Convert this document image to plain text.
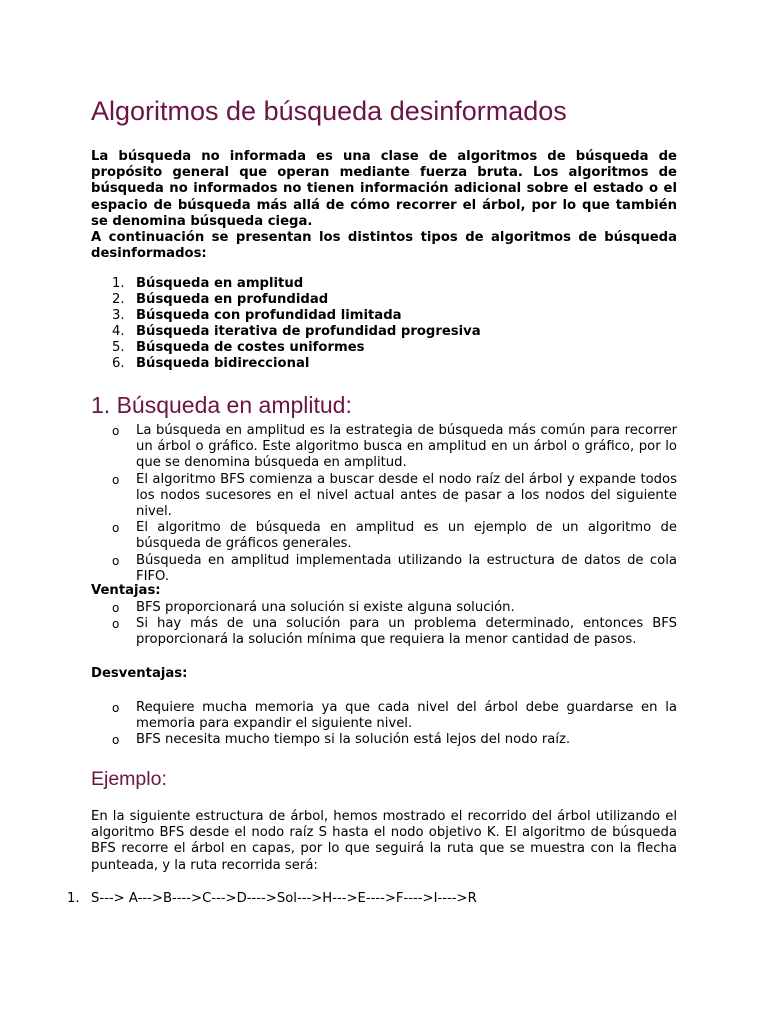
Algoritmos de búsqueda desinformados

La búsqueda no informada es una clase de algoritmos de búsqueda de propósito general que operan mediante fuerza bruta. Los algoritmos de búsqueda no informados no tienen información adicional sobre el estado o el espacio de búsqueda más allá de cómo recorrer el árbol, por lo que también se denomina búsqueda ciega.

A continuación se presentan los distintos tipos de algoritmos de búsqueda desinformados:

1. Búsqueda en amplitud
2. Búsqueda en profundidad
3. Búsqueda con profundidad limitada
4. Búsqueda iterativa de profundidad progresiva
5. Búsqueda de costes uniformes
6. Búsqueda bidireccional
1. Búsqueda en amplitud:
o La búsqueda en amplitud es la estrategia de búsqueda más común para recorrer un árbol o gráfico. Este algoritmo busca en amplitud en un árbol o gráfico, por lo que se denomina búsqueda en amplitud.
o El algoritmo BFS comienza a buscar desde el nodo raíz del árbol y expande todos los nodos sucesores en el nivel actual antes de pasar a los nodos del siguiente nivel.
o El algoritmo de búsqueda en amplitud es un ejemplo de un algoritmo de búsqueda de gráficos generales.
o Búsqueda en amplitud implementada utilizando la estructura de datos de cola FIFO.

Ventajas:

o BFS proporcionará una solución si existe alguna solución.
o Si hay más de una solución para un problema determinado, entonces BFS proporcionará la solución mínima que requiera la menor cantidad de pasos.

Desventajas:

o Requiere mucha memoria ya que cada nivel del árbol debe guardarse en la memoria para expandir el siguiente nivel.
o BFS necesita mucho tiempo si la solución está lejos del nodo raíz.
Ejemplo:

En la siguiente estructura de árbol, hemos mostrado el recorrido del árbol utilizando el algoritmo BFS desde el nodo raíz S hasta el nodo objetivo K. El algoritmo de búsqueda BFS recorre el árbol en capas, por lo que seguirá la ruta que se muestra con la flecha punteada, y la ruta recorrida será:

1. S---> A--->B---->C--->D---->Sol--->H--->E---->F---->I---->R
